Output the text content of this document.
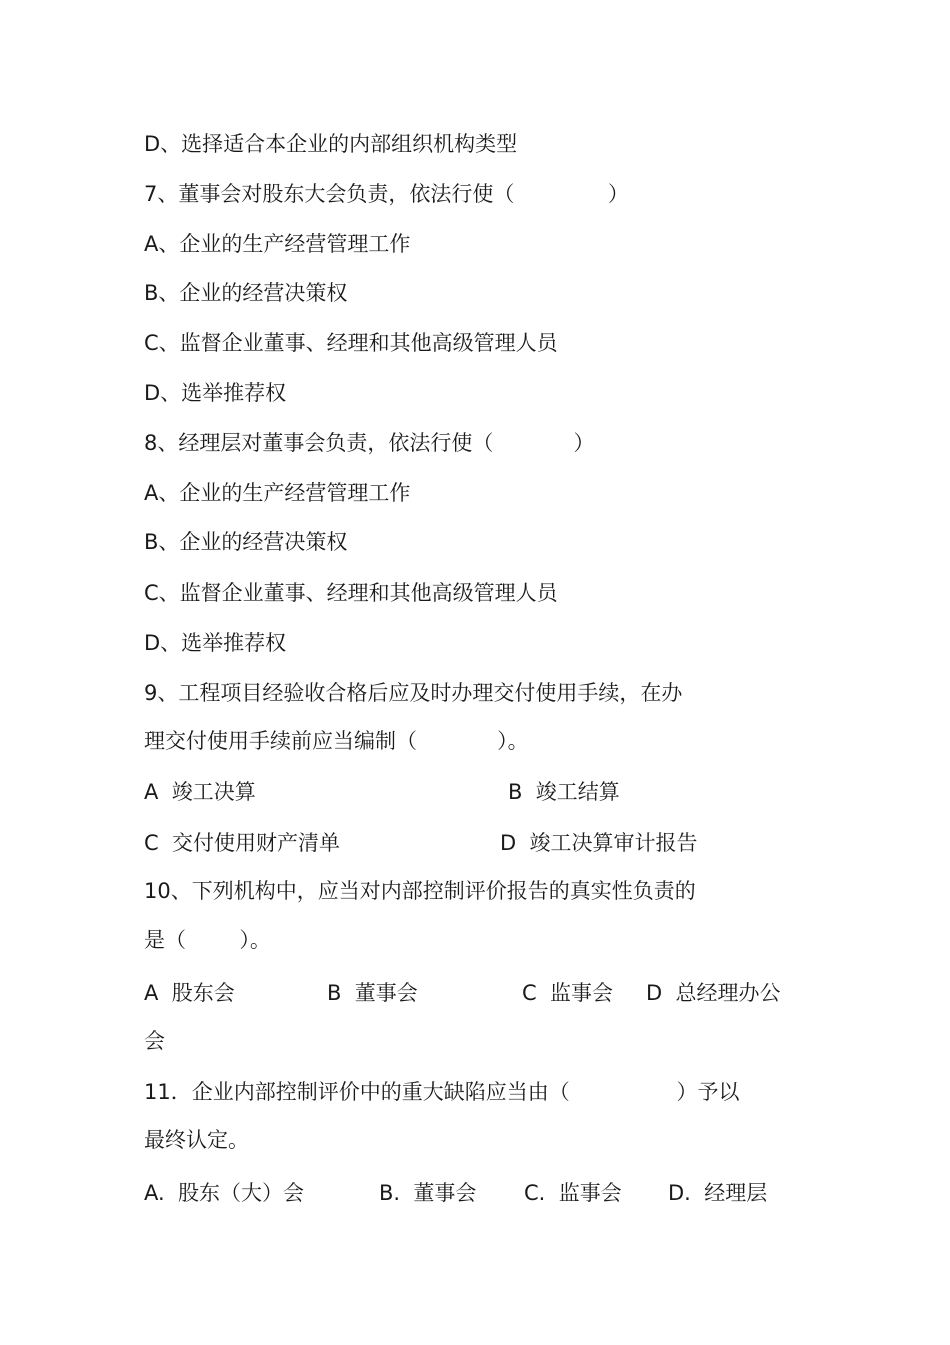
D、选择适合本企业的内部组织机构类型
7、董事会对股东大会负责，依法行使（              ）
A、企业的生产经营管理工作
B、企业的经营决策权
C、监督企业董事、经理和其他高级管理人员
D、选举推荐权
8、经理层对董事会负责，依法行使（            ）
A、企业的生产经营管理工作
B、企业的经营决策权
C、监督企业董事、经理和其他高级管理人员
D、选举推荐权
9、工程项目经验收合格后应及时办理交付使用手续，在办
理交付使用手续前应当编制（            ）。
A  竣工决算	B  竣工结算
C  交付使用财产清单	D  竣工决算审计报告
10、下列机构中，应当对内部控制评价报告的真实性负责的
是（        ）。
A  股东会	B  董事会	C  监事会 D  总经理办公
会
11．企业内部控制评价中的重大缺陷应当由（                ）予以
最终认定。
A.  股东（大）会	B.  董事会 C.  监事会 D.  经理层
